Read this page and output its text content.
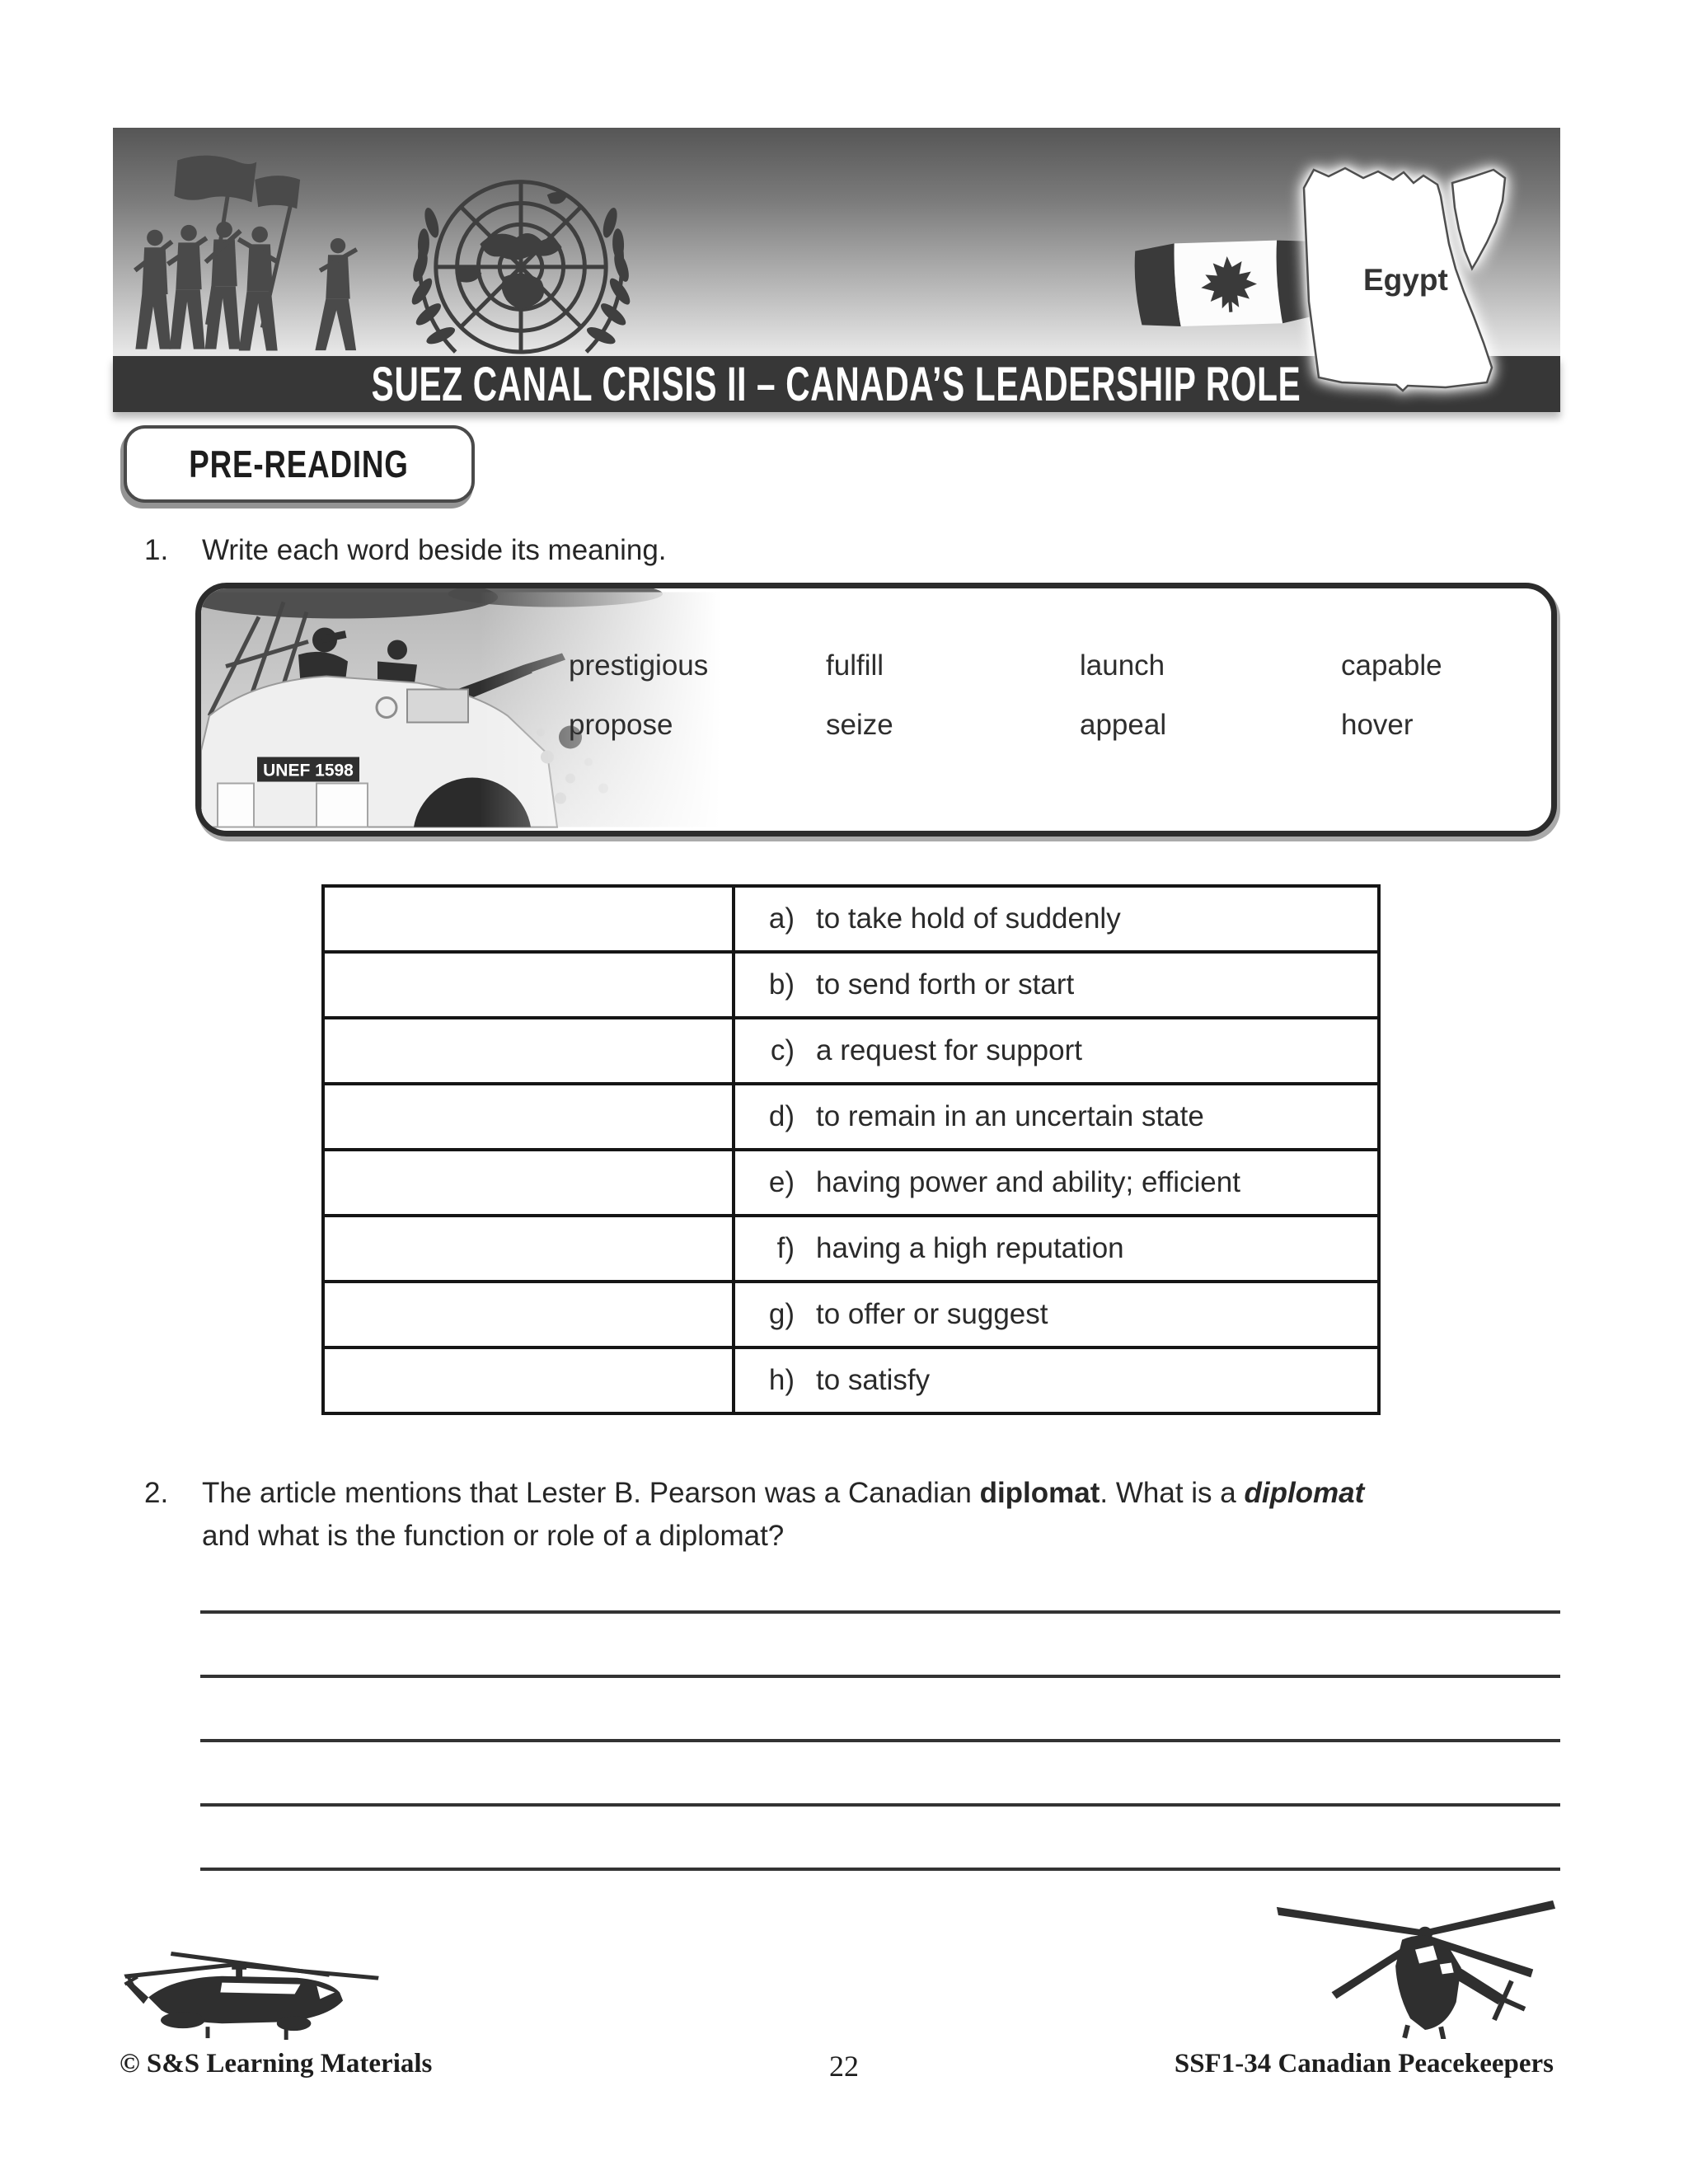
SUEZ CANAL CRISIS II – CANADA’S LEADERSHIP ROLE
Egypt
PRE-READING
1. Write each word beside its meaning.
prestigious	fulfill	launch	capable
propose	seize	appeal	hover
	a) to take hold of suddenly
	b) to send forth or start
	c) a request for support
	d) to remain in an uncertain state
	e) having power and ability; efficient
	f) having a high reputation
	g) to offer or suggest
	h) to satisfy
2. The article mentions that Lester B. Pearson was a Canadian diplomat. What is a diplomat
and what is the function or role of a diplomat?
© S&S Learning Materials	22	SSF1-34 Canadian Peacekeepers
